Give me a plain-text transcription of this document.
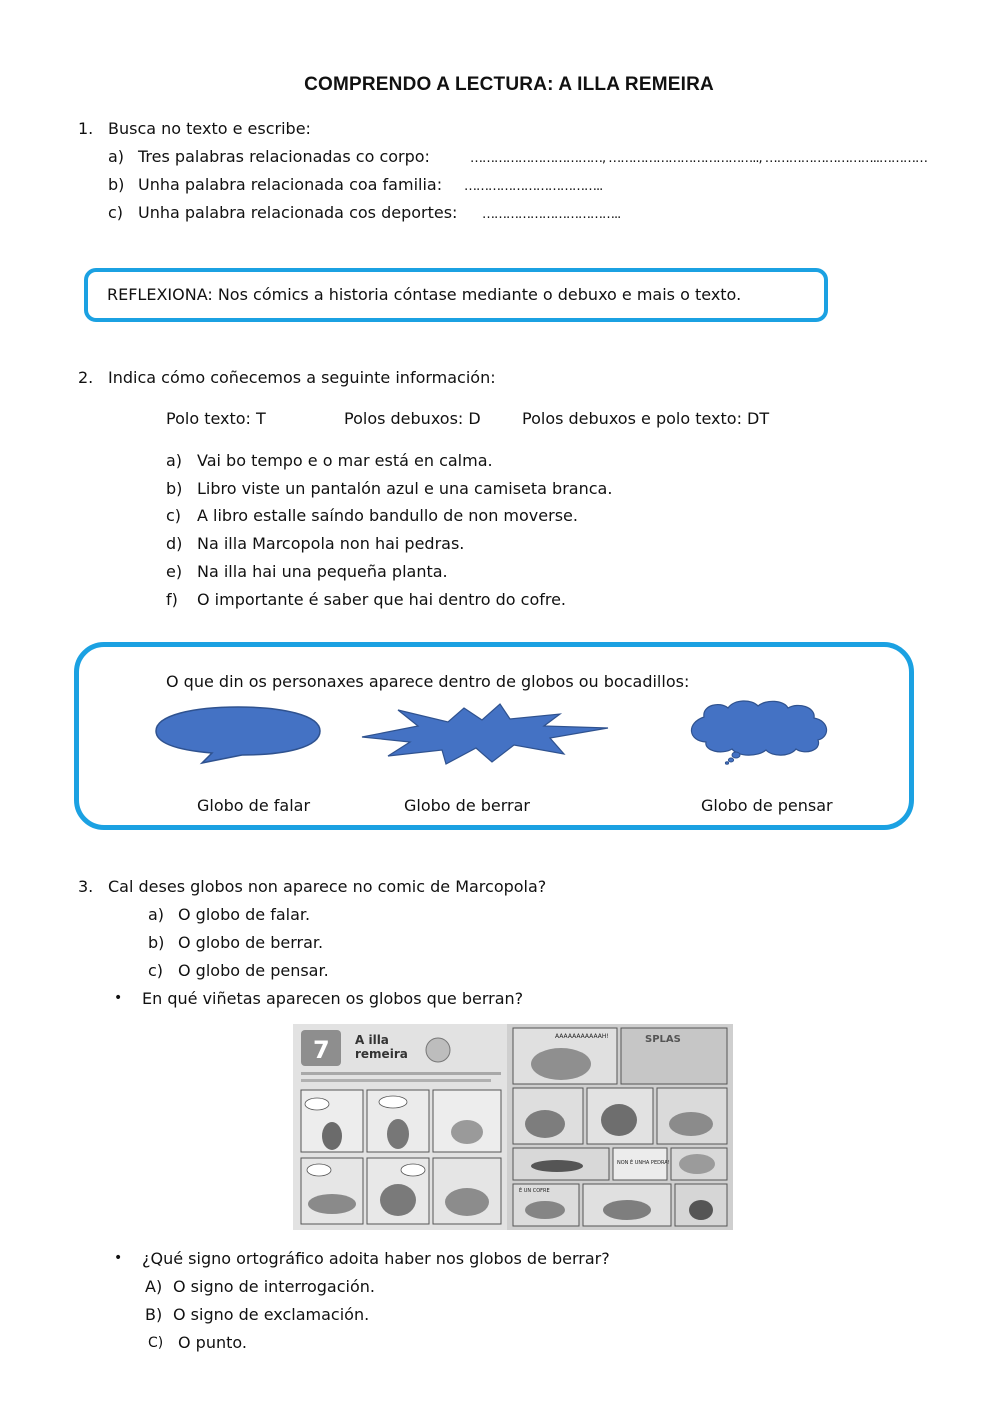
COMPRENDO A LECTURA: A ILLA REMEIRA
1. Busca no texto e escribe:
a) Tres palabras relacionadas co corpo:	……………………………, ……………………………….., ………………………..…………
b) Unha palabra relacionada coa familia: ……………………………..
c) Unha palabra relacionada cos deportes: ……………………………..
REFLEXIONA: Nos cómics a historia cóntase mediante o debuxo e mais o texto.
2. Indica cómo coñecemos a seguinte información:
Polo texto: T	Polos debuxos: D	Polos debuxos e polo texto: DT
a) Vai bo tempo e o mar está en calma.
b) Libro viste un pantalón azul e una camiseta branca.
c) A libro estalle saíndo bandullo de non moverse.
d) Na illa Marcopola non hai pedras.
e) Na illa hai una pequeña planta.
f) O importante é saber que hai dentro do cofre.
O que din os personaxes aparece dentro de globos ou bocadillos:
Globo de falar	Globo de berrar	Globo de pensar
3. Cal deses globos non aparece no comic de Marcopola?
a) O globo de falar.
b) O globo de berrar.
c) O globo de pensar.
• En qué viñetas aparecen os globos que berran?
7 A illa
remeira
AAAAAAAAAAAH!	SPLAS
NON É UNHA PEDRA!
É UN COFRE
• ¿Qué signo ortográfico adoita haber nos globos de berrar?
A) O signo de interrogación.
B) O signo de exclamación.
C) O punto.
